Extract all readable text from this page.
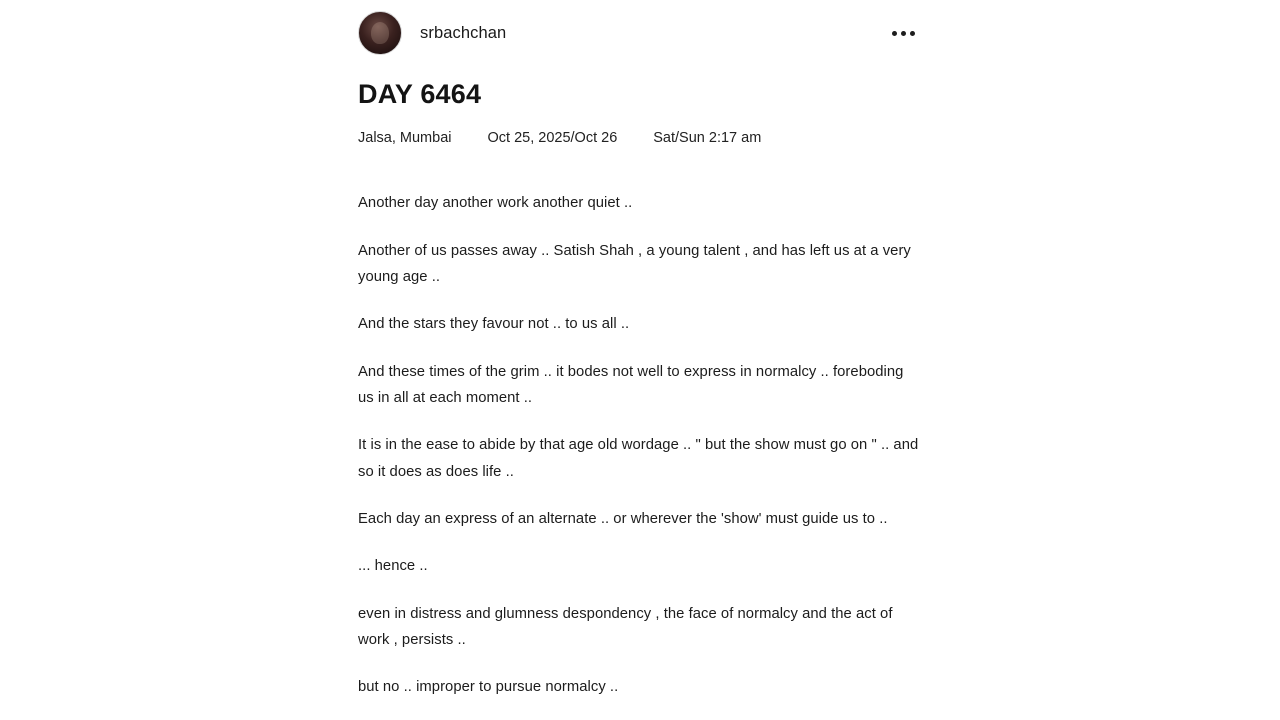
srbachchan
DAY 6464
Jalsa, Mumbai Oct 25, 2025/Oct 26 Sat/Sun 2:17 am

Another day another work another quiet ..

Another of us passes away .. Satish Shah , a young talent , and has left us at a very young age ..

And the stars they favour not .. to us all ..

And these times of the grim .. it bodes not well to express in normalcy .. foreboding us in all at each moment ..

It is in the ease to abide by that age old wordage .. " but the show must go on " .. and so it does as does life ..

Each day an express of an alternate .. or wherever the 'show' must guide us to ..

... hence ..

even in distress and glumness despondency , the face of normalcy and the act of work , persists ..

but no .. improper to pursue normalcy ..
